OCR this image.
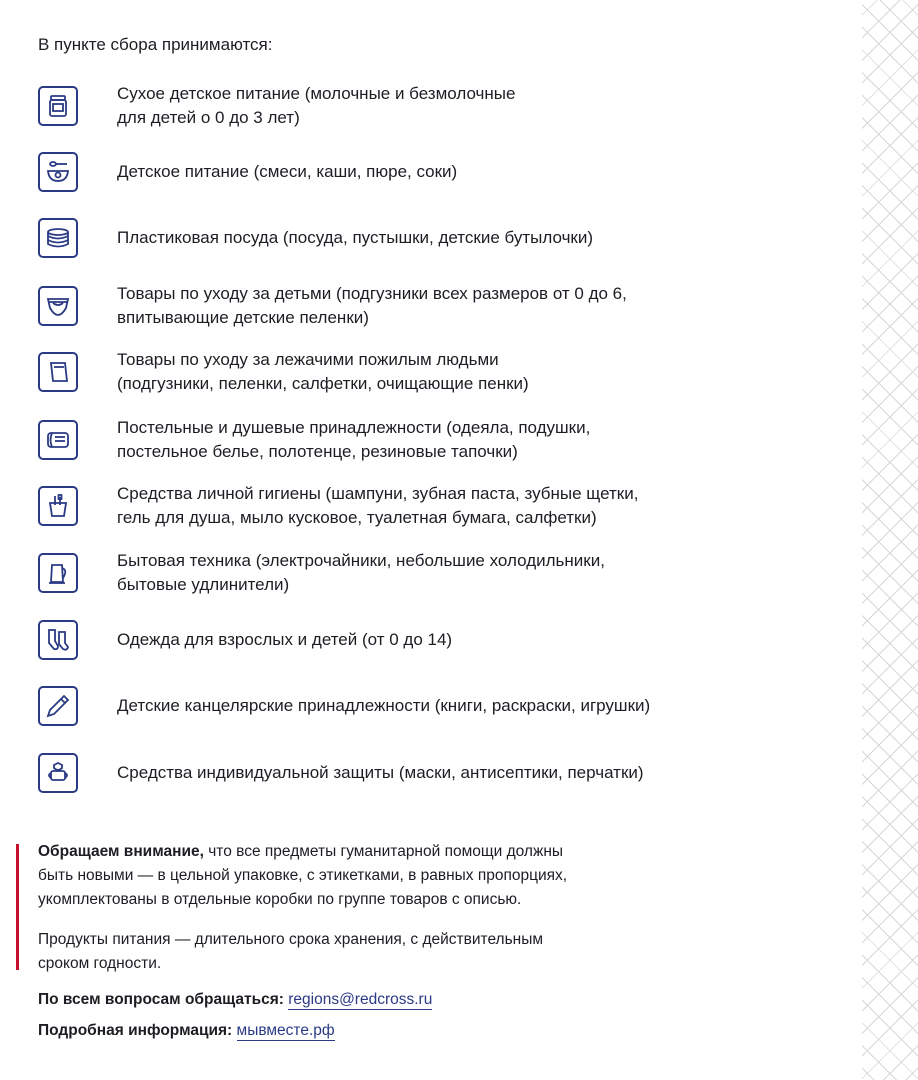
В пункте сбора принимаются:
Сухое детское питание (молочные и безмолочные
для детей о 0 до 3 лет)
Детское питание (смеси, каши, пюре, соки)
Пластиковая посуда (посуда, пустышки, детские бутылочки)
Товары по уходу за детьми (подгузники всех размеров от 0 до 6,
впитывающие детские пеленки)
Товары по уходу за лежачими пожилым людьми
(подгузники, пеленки, салфетки, очищающие пенки)
Постельные и душевые принадлежности (одеяла, подушки,
постельное белье, полотенце, резиновые тапочки)
Средства личной гигиены (шампуни, зубная паста, зубные щетки,
гель для душа, мыло кусковое, туалетная бумага, салфетки)
Бытовая техника (электрочайники, небольшие холодильники,
бытовые удлинители)
Одежда для взрослых и детей (от 0 до 14)
Детские канцелярские принадлежности (книги, раскраски, игрушки)
Средства индивидуальной защиты (маски, антисептики, перчатки)

Обращаем внимание, что все предметы гуманитарной помощи должны
быть новыми — в цельной упаковке, с этикетками, в равных пропорциях,
укомплектованы в отдельные коробки по группе товаров с описью.

Продукты питания — длительного срока хранения, с действительным
сроком годности.

По всем вопросам обращаться: regions@redcross.ru
Подробная информация: мывместе.рф
